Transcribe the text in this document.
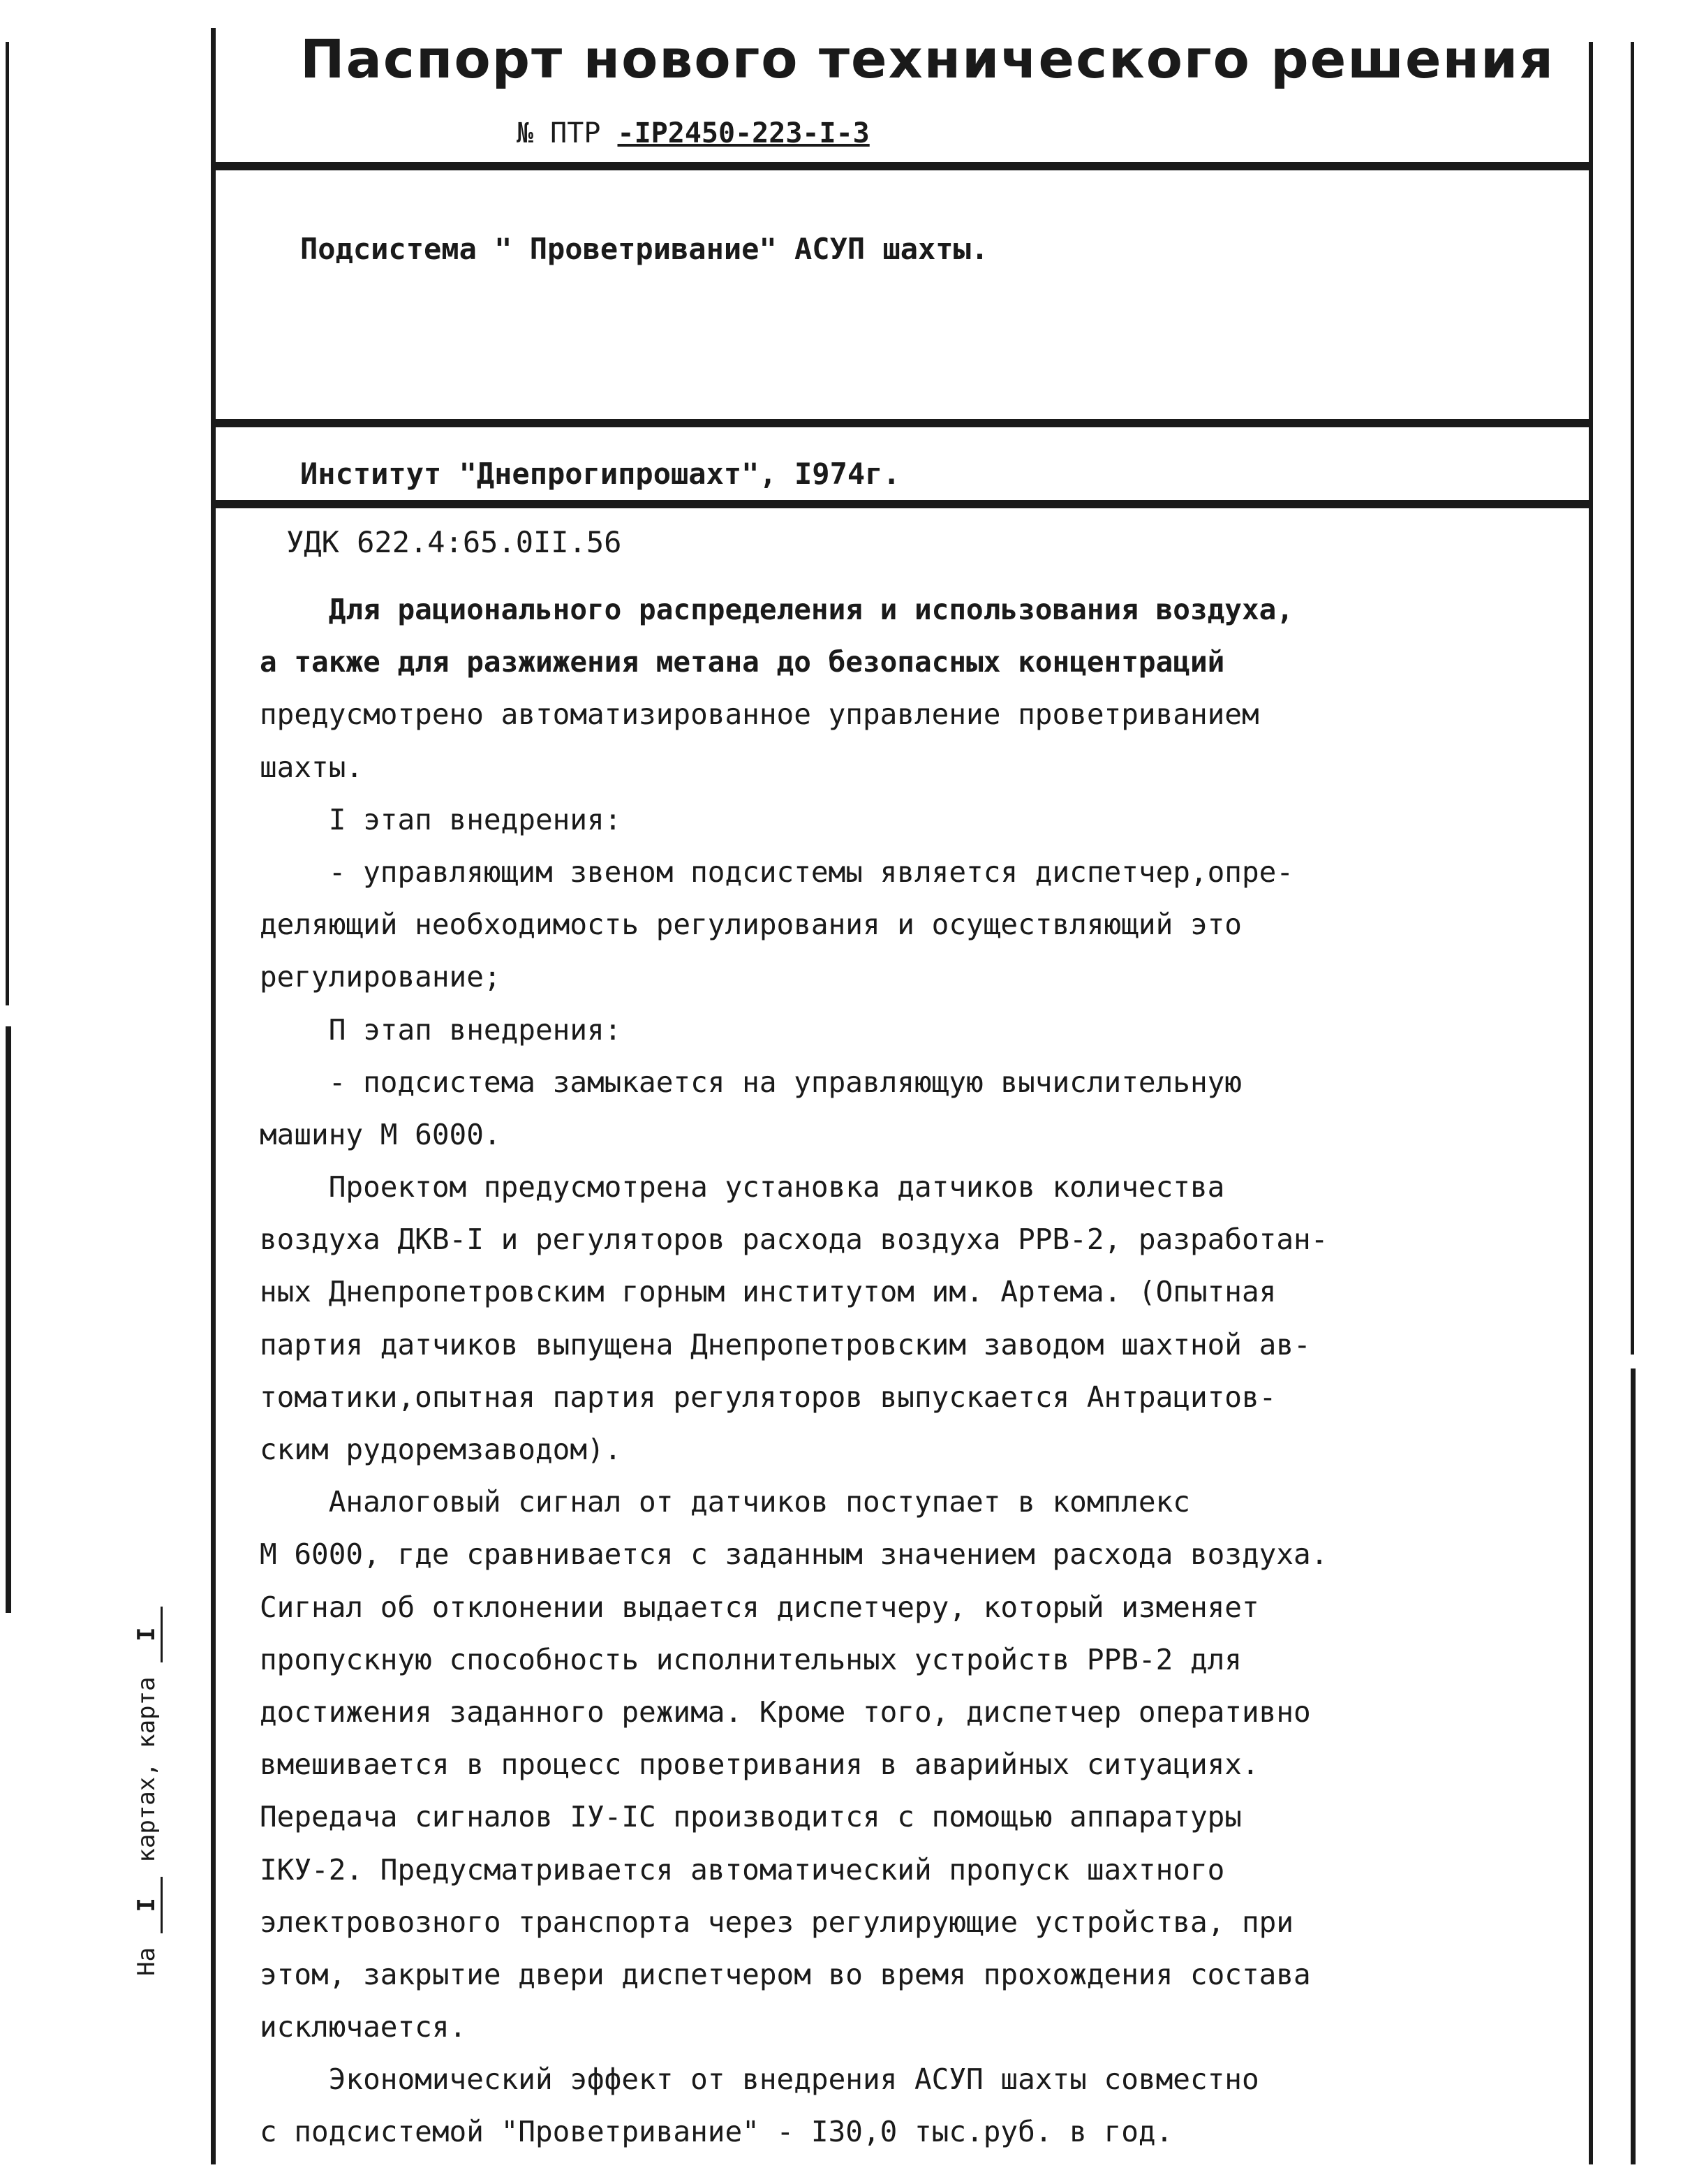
Паспорт нового технического решения
№ ПТР -IР2450-223-I-3
Подсистема " Проветривание" АСУП шахты.
Институт "Днепрогипрошахт", I974г.
УДК 622.4:65.0II.56
Для рационального распределения и использования воздуха,
а также для разжижения метана до безопасных концентраций
предусмотрено автоматизированное управление проветриванием
шахты.
I этап внедрения:
- управляющим звеном подсистемы является диспетчер,опре-
деляющий необходимость регулирования и осуществляющий это
регулирование;
П этап внедрения:
- подсистема замыкается на управляющую вычислительную
машину М 6000.
Проектом предусмотрена установка датчиков количества
воздуха ДКВ-I и регуляторов расхода воздуха РРВ-2, разработан-
ных Днепропетровским горным институтом им. Артема. (Опытная
партия датчиков выпущена Днепропетровским заводом шахтной ав-
томатики,опытная партия регуляторов выпускается Антрацитов-
ским рудоремзаводом).
Аналоговый сигнал от датчиков поступает в комплекс
М 6000, где сравнивается с заданным значением расхода воздуха.
Сигнал об отклонении выдается диспетчеру, который изменяет
пропускную способность исполнительных устройств РРВ-2 для
достижения заданного режима. Кроме того, диспетчер оперативно
вмешивается в процесс проветривания в аварийных ситуациях.
Передача сигналов IУ-IС производится с помощью аппаратуры
IКУ-2. Предусматривается автоматический пропуск шахтного
электровозного транспорта через регулирующие устройства, при
этом, закрытие двери диспетчером во время прохождения состава
исключается.
Экономический эффект от внедрения АСУП шахты совместно
с подсистемой "Проветривание" - I30,0 тыс.руб. в год.
На I картах, карта I
